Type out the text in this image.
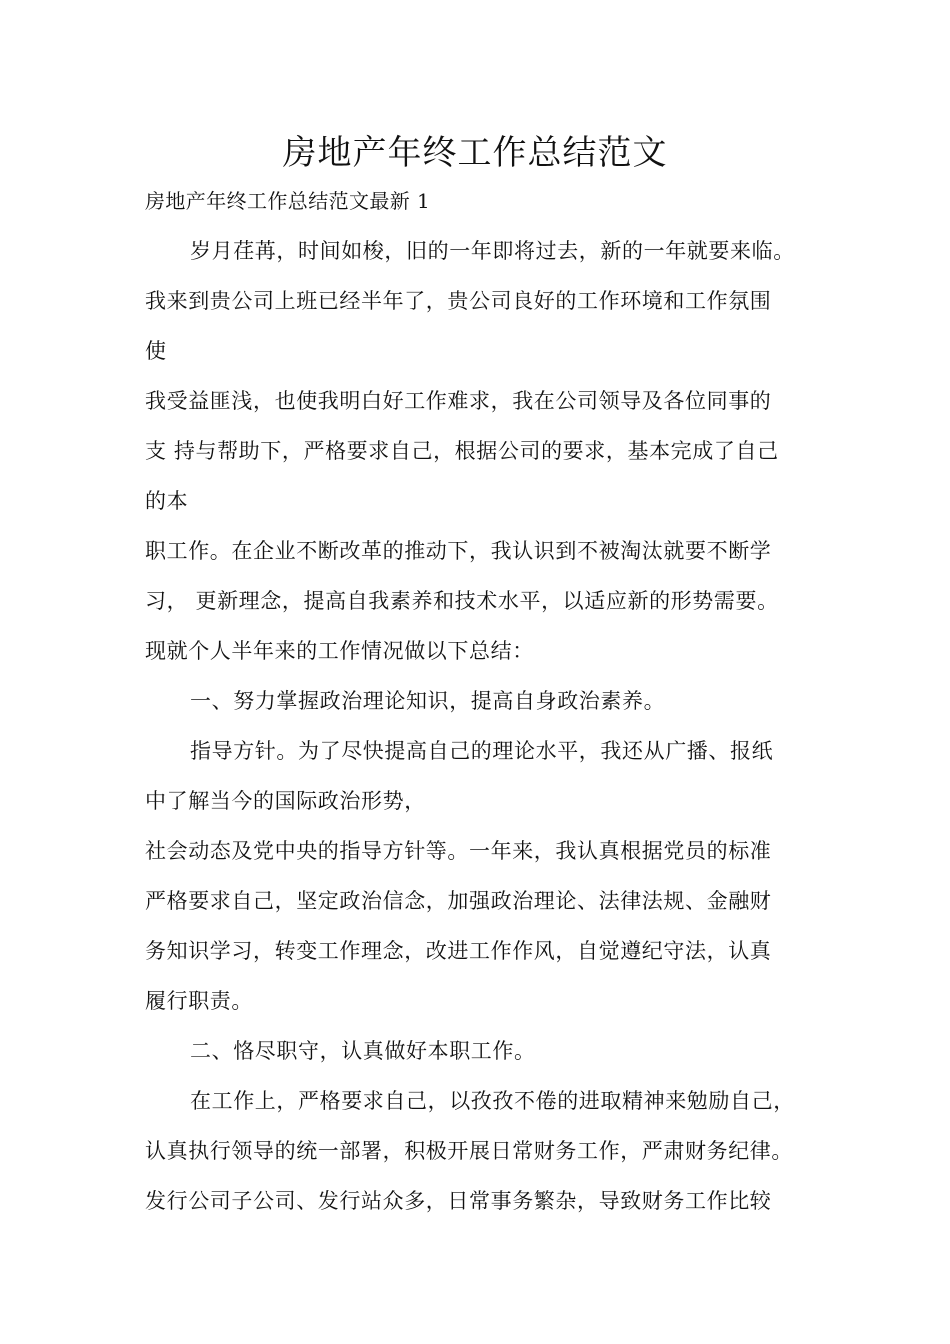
房地产年终工作总结范文
房地产年终工作总结范文最新 1
岁月荏苒，时间如梭，旧的一年即将过去，新的一年就要来临。
我来到贵公司上班已经半年了，贵公司良好的工作环境和工作氛围
使
我受益匪浅，也使我明白好工作难求，我在公司领导及各位同事的
支 持与帮助下，严格要求自己，根据公司的要求，基本完成了自己
的本
职工作。在企业不断改革的推动下，我认识到不被淘汰就要不断学
习， 更新理念，提高自我素养和技术水平，以适应新的形势需要。
现就个人半年来的工作情况做以下总结：
一、努力掌握政治理论知识，提高自身政治素养。
指导方针。为了尽快提高自己的理论水平，我还从广播、报纸
中了解当今的国际政治形势，
社会动态及党中央的指导方针等。一年来，我认真根据党员的标准
严格要求自己，坚定政治信念，加强政治理论、法律法规、金融财
务知识学习，转变工作理念，改进工作作风，自觉遵纪守法，认真
履行职责。
二、恪尽职守，认真做好本职工作。
在工作上，严格要求自己，以孜孜不倦的进取精神来勉励自己，
认真执行领导的统一部署，积极开展日常财务工作，严肃财务纪律。
发行公司子公司、发行站众多，日常事务繁杂，导致财务工作比较
